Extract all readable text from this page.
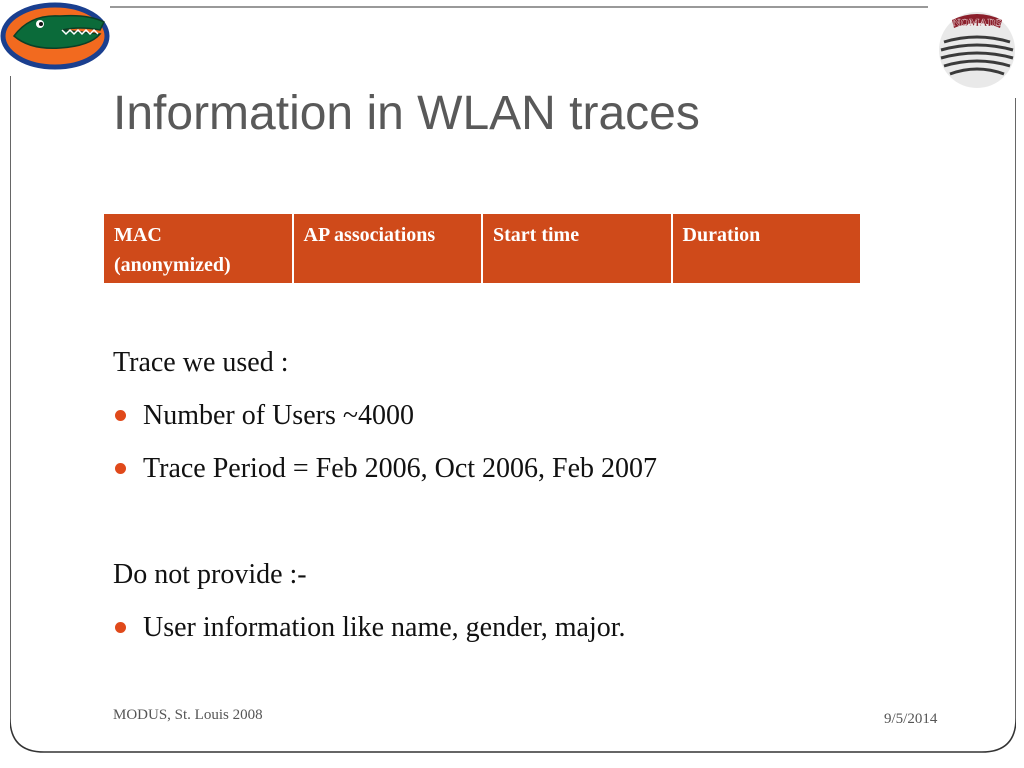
NOMADS
Information in WLAN traces
MAC (anonymized)	AP associations	Start time	Duration
Trace we used :
Number of Users ~4000
Trace Period = Feb 2006, Oct 2006, Feb 2007
Do not provide :-
User information like name, gender, major.
MODUS, St. Louis 2008	9/5/2014
